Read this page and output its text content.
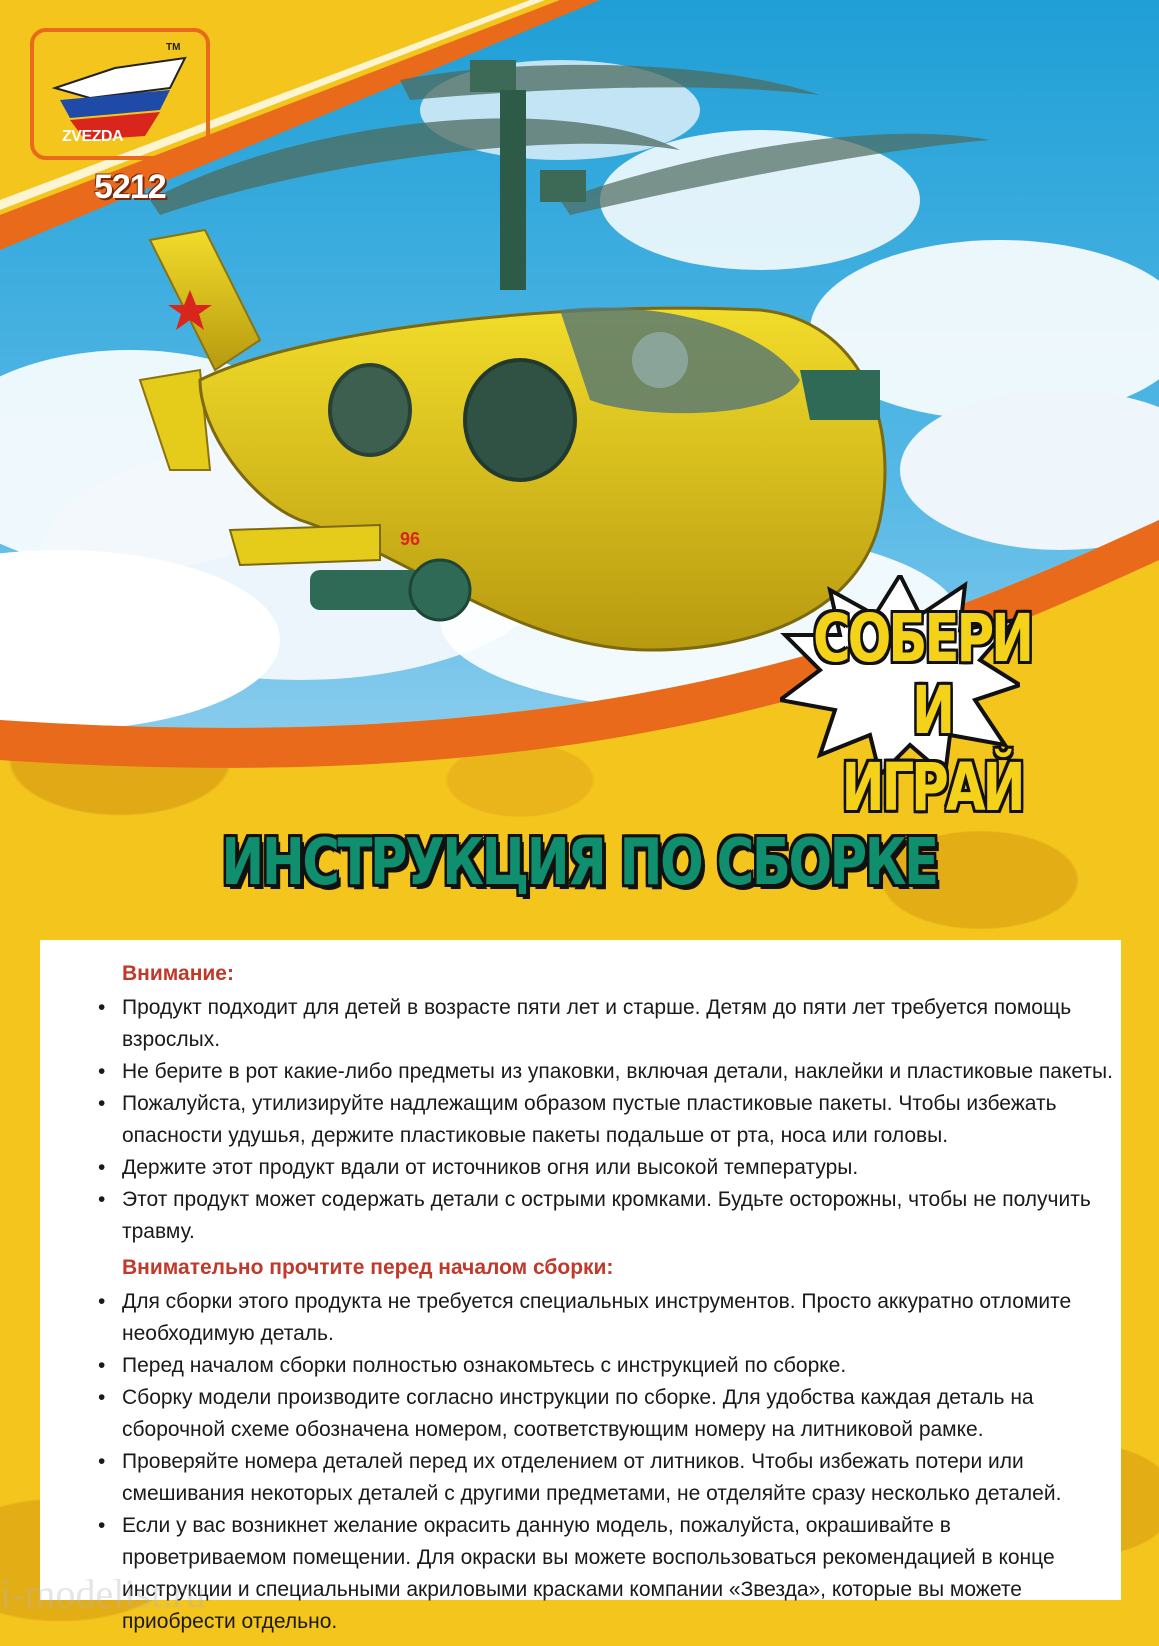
96
TM
ZVEZDA
5212
СОБЕРИ
И ИГРАЙ
ИНСТРУКЦИЯ ПО СБОРКЕ
Внимание:
• Продукт подходит для детей в возрасте пяти лет и старше. Детям до пяти лет требуется помощь взрослых.
• Не берите в рот какие-либо предметы из упаковки, включая детали, наклейки и пластиковые пакеты.
• Пожалуйста, утилизируйте надлежащим образом пустые пластиковые пакеты. Чтобы избежать опасности удушья, держите пластиковые пакеты подальше от рта, носа или головы.
• Держите этот продукт вдали от источников огня или высокой температуры.
• Этот продукт может содержать детали с острыми кромками. Будьте осторожны, чтобы не получить травму.
Внимательно прочтите перед началом сборки:
• Для сборки этого продукта не требуется специальных инструментов. Просто аккуратно отломите необходимую деталь.
• Перед началом сборки полностью ознакомьтесь с инструкцией по сборке.
• Сборку модели производите согласно инструкции по сборке. Для удобства каждая деталь на сборочной схеме обозначена номером, соответствующим номеру на литниковой рамке.
• Проверяйте номера деталей перед их отделением от литников. Чтобы избежать потери или смешивания некоторых деталей с другими предметами, не отделяйте сразу несколько деталей.
• Если у вас возникнет желание окрасить данную модель, пожалуйста, окрашивайте в проветриваемом помещении. Для окраски вы можете воспользоваться рекомендацией в конце инструкции и специальными акриловыми красками компании «Звезда», которые вы можете приобрести отдельно.
i-modelist.ru
